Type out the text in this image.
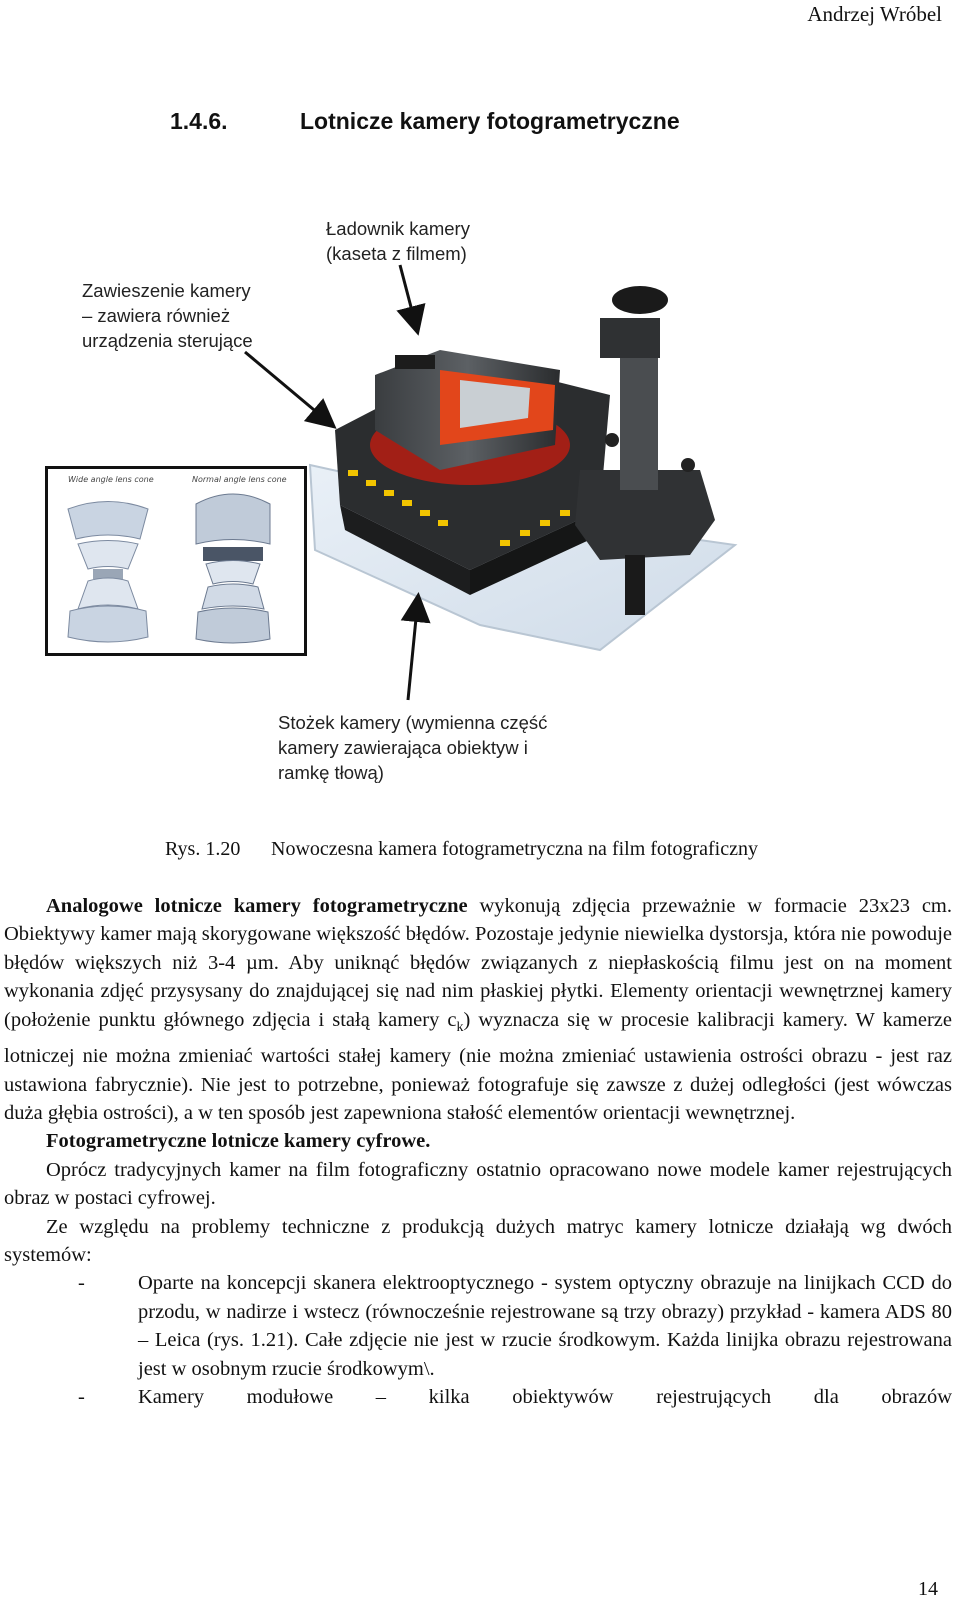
Andrzej Wróbel
1.4.6.	Lotnicze kamery fotogrametryczne
Zawieszenie kamery
– zawiera również
urządzenia sterujące
Ładownik kamery
(kaseta z filmem)
Stożek kamery (wymienna część
kamery zawierająca obiektyw i
ramkę tłową)
Wide angle lens cone	Normal angle lens cone
Rys. 1.20 Nowoczesna kamera fotogrametryczna na film fotograficzny

Analogowe lotnicze kamery fotogrametryczne wykonują zdjęcia przeważnie w formacie 23x23 cm. Obiektywy kamer mają skorygowane większość błędów. Pozostaje jedynie niewielka dystorsja, która nie powoduje błędów większych niż 3-4 µm. Aby uniknąć błędów związanych z niepłaskością filmu jest on na moment wykonania zdjęć przysysany do znajdującej się nad nim płaskiej płytki. Elementy orientacji wewnętrznej kamery (położenie punktu głównego zdjęcia i stałą kamery $c_k$) wyznacza się w procesie kalibracji kamery. W kamerze lotniczej nie można zmieniać wartości stałej kamery (nie można zmieniać ustawienia ostrości obrazu - jest raz ustawiona fabrycznie). Nie jest to potrzebne, ponieważ fotografuje się zawsze z dużej odległości (jest wówczas duża głębia ostrości), a w ten sposób jest zapewniona stałość elementów orientacji wewnętrznej.

Fotogrametryczne lotnicze kamery cyfrowe.

Oprócz tradycyjnych kamer na film fotograficzny ostatnio opracowano nowe modele kamer rejestrujących obraz w postaci cyfrowej.

Ze względu na problemy techniczne z produkcją dużych matryc kamery lotnicze działają wg dwóch systemów:

-	Oparte na koncepcji skanera elektrooptycznego - system optyczny obrazuje na linijkach CCD do przodu, w nadirze i wstecz (równocześnie rejestrowane są trzy obrazy) przykład - kamera ADS 80 – Leica (rys. 1.21). Całe zdjęcie nie jest w rzucie środkowym. Każda linijka obrazu rejestrowana jest w osobnym rzucie środkowym\.
-	Kamery modułowe – kilka obiektywów rejestrujących dla obrazów
14
